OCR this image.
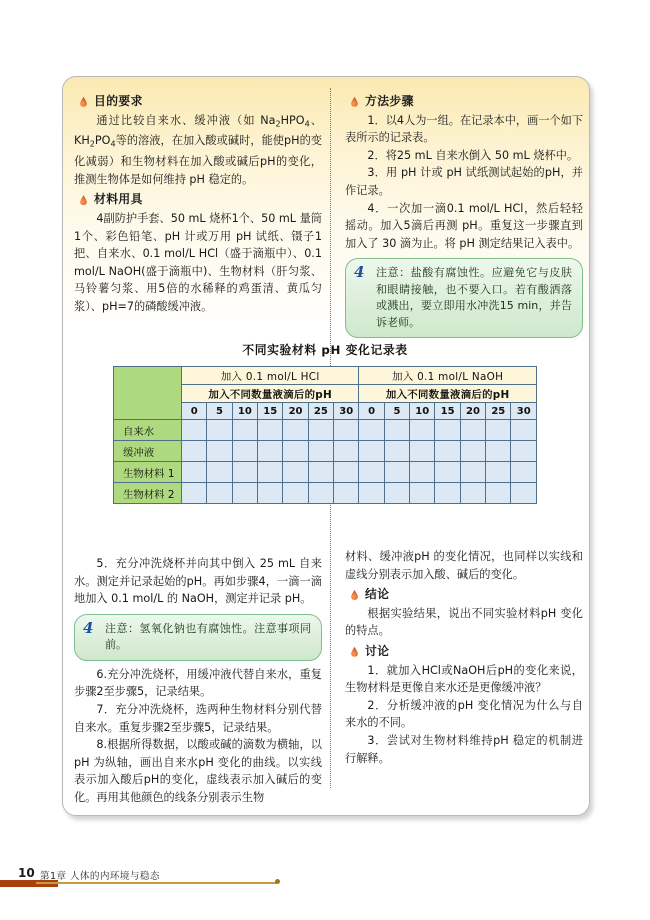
目的要求

通过比较自来水、缓冲液（如 $Na_2HPO_4$、$KH_2PO_4$等的溶液，在加入酸或碱时，能使pH的变化减弱）和生物材料在加入酸或碱后pH的变化，推测生物体是如何维持 pH 稳定的。

材料用具

4副防护手套、50 mL 烧杯1个、50 mL 量筒1个、彩色铅笔、pH 计或万用 pH 试纸、镊子1把、自来水、0.1 mol/L HCl（盛于滴瓶中）、0.1 mol/L NaOH(盛于滴瓶中)、生物材料（肝匀浆、马铃薯匀浆、用5倍的水稀释的鸡蛋清、黄瓜匀浆）、pH=7的磷酸缓冲液。

方法步骤

1．以4人为一组。在记录本中，画一个如下表所示的记录表。

2．将25 mL 自来水倒入 50 mL 烧杯中。

3．用 pH 计或 pH 试纸测试起始的pH，并作记录。

4．一次加一滴0.1 mol/L HCl，然后轻轻摇动。加入5滴后再测 pH。重复这一步骤直到加入了 30 滴为止。将 pH 测定结果记入表中。

4	注意：盐酸有腐蚀性。应避免它与皮肤和眼睛接触，也不要入口。若有酸洒落或溅出，要立即用水冲洗15 min，并告诉老师。
不同实验材料 pH 变化记录表
	加入 0.1 mol/L HCl							加入 0.1 mol/L NaOH						
	加入不同数量液滴后的pH							加入不同数量液滴后的pH						
	0	5	10	15	20	25	30	0	5	10	15	20	25	30
自来水														
缓冲液														
生物材料 1														
生物材料 2														

5．充分冲洗烧杯并向其中倒入 25 mL 自来水。测定并记录起始的pH。再如步骤4，一滴一滴地加入 0.1 mol/L 的 NaOH，测定并记录 pH。

4	注意：氢氧化钠也有腐蚀性。注意事项同前。

6.充分冲洗烧杯，用缓冲液代替自来水，重复步骤2至步骤5，记录结果。

7．充分冲洗烧杯，选两种生物材料分别代替自来水。重复步骤2至步骤5，记录结果。

8.根据所得数据，以酸或碱的滴数为横轴，以 pH 为纵轴，画出自来水pH 变化的曲线。以实线表示加入酸后pH的变化，虚线表示加入碱后的变化。再用其他颜色的线条分别表示生物

材料、缓冲液pH 的变化情况，也同样以实线和虚线分别表示加入酸、碱后的变化。

结论

根据实验结果，说出不同实验材料pH 变化的特点。

讨论

1．就加入HCl或NaOH后pH的变化来说，生物材料是更像自来水还是更像缓冲液？

2．分析缓冲液的pH 变化情况为什么与自来水的不同。

3．尝试对生物材料维持pH 稳定的机制进行解释。

10 第1章 人体的内环境与稳态
